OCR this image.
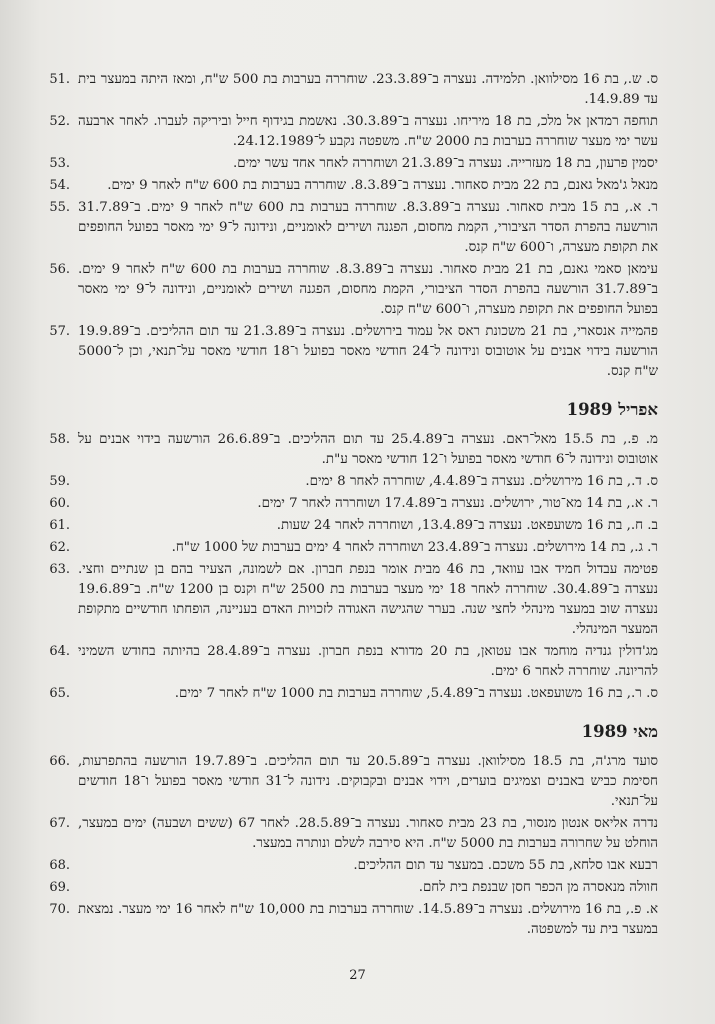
51. ס. ש., בת 16 מסילוואן. תלמידה. נעצרה ב־23.3.89. שוחררה בערבות בת 500 ש"ח, ומאז היתה במעצר בית עד 14.9.89.
52. תוחפה רמדאן אל מלכ, בת 18 מיריחו. נעצרה ב־30.3.89. נאשמת בגידוף חייל וביריקה לעברו. לאחר ארבעה עשר ימי מעצר שוחררה בערבות בת 2000 ש"ח. משפטה נקבע ל־24.12.1989.
53.	יסמין פרעון, בת 18 מעזרייה. נעצרה ב־21.3.89 ושוחררה לאחר אחד עשר ימים.
54.	מנאל ג'מאל גאנם, בת 22 מבית סאחור. נעצרה ב־8.3.89. שוחררה בערבות בת 600 ש"ח לאחר 9 ימים.
55. ר. א., בת 15 מבית סאחור. נעצרה ב־8.3.89. שוחררה בערבות בת 600 ש"ח לאחר 9 ימים. ב־31.7.89 הורשעה בהפרת הסדר הציבורי, הקמת מחסום, הפגנה ושירים לאומניים, ונידונה ל־9 ימי מאסר בפועל החופפים את תקופת מעצרה, ו־600 ש"ח קנס.
56. עימאן סאמי גאנם, בת 21 מבית סאחור. נעצרה ב־8.3.89. שוחררה בערבות בת 600 ש"ח לאחר 9 ימים. ב־31.7.89 הורשעה בהפרת הסדר הציבורי, הקמת מחסום, הפגנה ושירים לאומניים, ונידונה ל־9 ימי מאסר בפועל החופפים את תקופת מעצרה, ו־600 ש"ח קנס.
57. פהמייה אנסארי, בת 21 משכונת ראס אל עמוד בירושלים. נעצרה ב־21.3.89 עד תום ההליכים. ב־19.9.89 הורשעה בידוי אבנים על אוטובוס ונידונה ל־24 חודשי מאסר בפועל ו־18 חודשי מאסר על־תנאי, וכן ל־5000 ש"ח קנס.
אפריל 1989
58. מ. פ., בת 15.5 מאל־ראם. נעצרה ב־25.4.89 עד תום ההליכים. ב־26.6.89 הורשעה בידוי אבנים על אוטובוס ונידונה ל־6 חודשי מאסר בפועל ו־12 חודשי מאסר ע"ת.
59.	ס. ד., בת 16 מירושלים. נעצרה ב־4.4.89, שוחררה לאחר 8 ימים.
60.	ר. א., בת 14 מא־טור, ירושלים. נעצרה ב־17.4.89 ושוחררה לאחר 7 ימים.
61.	ב. ח., בת 16 משועפאט. נעצרה ב־13.4.89, ושוחררה לאחר 24 שעות.
62.	ר. ג., בת 14 מירושלים. נעצרה ב־23.4.89 ושוחררה לאחר 4 ימים בערבות של 1000 ש"ח.
63. פטימה עבדול חמיד אבו עוואד, בת 46 מבית אומר בנפת חברון. אם לשמונה, הצעיר בהם בן שנתיים וחצי. נעצרה ב־30.4.89. שוחררה לאחר 18 ימי מעצר בערבות בת 2500 ש"ח וקנס בן 1200 ש"ח. ב־19.6.89 נעצרה שוב במעצר מינהלי לחצי שנה. בערר שהגישה האגודה לזכויות האדם בעניינה, הופחתו חודשיים מתקופת המעצר המינהלי.
64. מג'דולין גנדיה מוחמד אבו עטואן, בת 20 מדורא בנפת חברון. נעצרה ב־28.4.89 בהיותה בחודש השמיני להריונה. שוחררה לאחר 6 ימים.
65.	ס. ר., בת 16 משועפאט. נעצרה ב־5.4.89, שוחררה בערבות בת 1000 ש"ח לאחר 7 ימים.
מאי 1989
66. סועד מרג'ה, בת 18.5 מסילוואן. נעצרה ב־20.5.89 עד תום ההליכים. ב־19.7.89 הורשעה בהתפרעות, חסימת כביש באבנים וצמיגים בוערים, וידוי אבנים ובקבוקים. נידונה ל־31 חודשי מאסר בפועל ו־18 חודשים על־תנאי.
67. נדרה אליאס אנטון מנסור, בת 23 מבית סאחור. נעצרה ב־28.5.89. לאחר 67 (ששים ושבעה) ימים במעצר, הוחלט על שחרורה בערבות בת 5000 ש"ח. היא סירבה לשלם ונותרה במעצר.
68.	רבעא אבו סלחא, בת 55 משכם. במעצר עד תום ההליכים.
69.	חוולה מנאסרה מן הכפר חסן שבנפת בית לחם.
70. א. פ., בת 16 מירושלים. נעצרה ב־14.5.89. שוחררה בערבות בת 10,000 ש"ח לאחר 16 ימי מעצר. נמצאת במעצר בית עד למשפטה.
27
